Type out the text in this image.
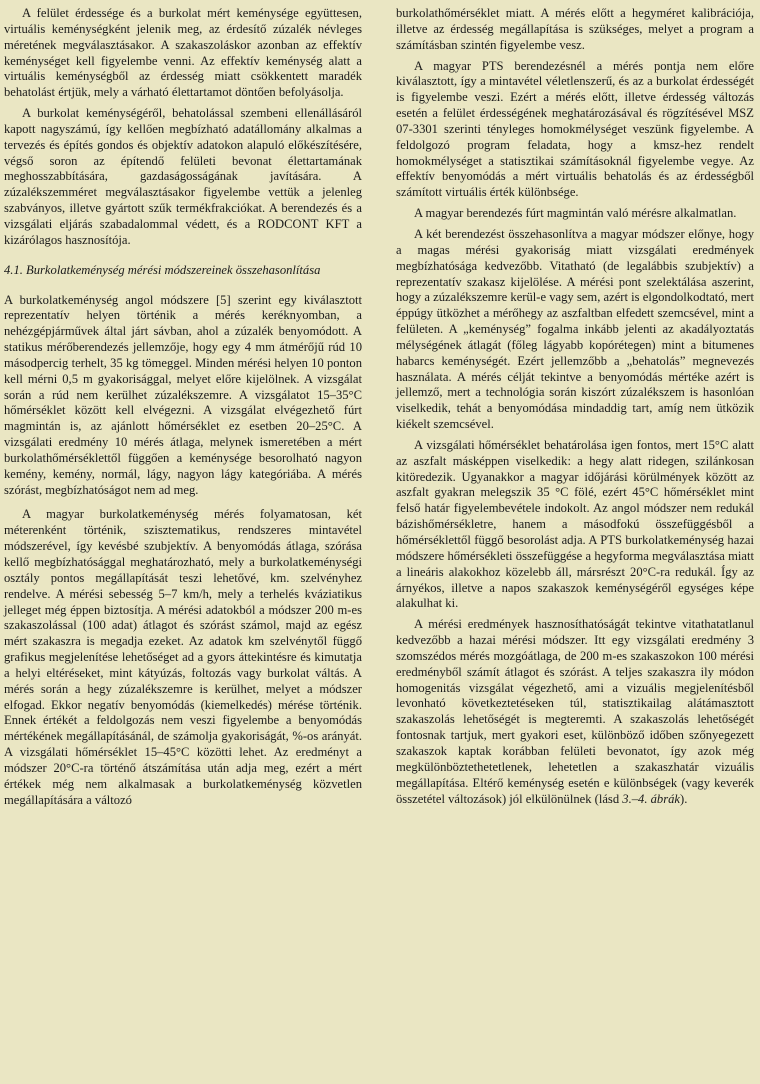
A felület érdessége és a burkolat mért keménysége együttesen, virtuális keménységként jelenik meg, az érdesítő zúzalék névleges méretének megválasztásakor. A szakaszoláskor azonban az effektív keménységet kell figyelembe venni. Az effektív keménység alatt a virtuális keménységből az érdesség miatt csökkentett maradék behatolást értjük, mely a várható élettartamot döntően befolyásolja.

A burkolat keménységéről, behatolással szembeni ellenállásáról kapott nagyszámú, így kellően megbízható adatállomány alkalmas a tervezés és építés gondos és objektív adatokon alapuló előkészítésére, végső soron az építendő felületi bevonat élettartamának meghosszabbítására, gazdaságosságának javítására. A zúzalékszemméret megválasztásakor figyelembe vettük a jelenleg szabványos, illetve gyártott szűk termékfrakciókat. A berendezés és a vizsgálati eljárás szabadalommal védett, és a RODCONT KFT a kizárólagos hasznosítója.

4.1. Burkolatkeménység mérési módszereinek összehasonlítása

A burkolatkeménység angol módszere [5] szerint egy kiválasztott reprezentatív helyen történik a mérés keréknyomban, a nehézgépjárművek által járt sávban, ahol a zúzalék benyomódott. A statikus mérőberendezés jellemzője, hogy egy 4 mm átmérőjű rúd 10 másodpercig terhelt, 35 kg tömeggel. Minden mérési helyen 10 ponton kell mérni 0,5 m gyakorisággal, melyet előre kijelölnek. A vizsgálat során a rúd nem kerülhet zúzalékszemre. A vizsgálatot 15–35°C hőmérséklet között kell elvégezni. A vizsgálat elvégezhető fúrt magmintán is, az ajánlott hőmérséklet ez esetben 20–25°C. A vizsgálati eredmény 10 mérés átlaga, melynek ismeretében a mért burkolathőmérséklettől függően a keménysége besorolható nagyon kemény, kemény, normál, lágy, nagyon lágy kategóriába. A mérés szórást, megbízhatóságot nem ad meg.

A magyar burkolatkeménység mérés folyamatosan, két méterenként történik, szisztematikus, rendszeres mintavétel módszerével, így kevésbé szubjektív. A benyomódás átlaga, szórása kellő megbízhatósággal meghatározható, mely a burkolatkeménységi osztály pontos megállapítását teszi lehetővé, km. szelvényhez rendelve. A mérési sebesség 5–7 km/h, mely a terhelés kváziatikus jelleget még éppen biztosítja. A mérési adatokból a módszer 200 m-es szakaszolással (100 adat) átlagot és szórást számol, majd az egész mért szakaszra is megadja ezeket. Az adatok km szelvénytől függő grafikus megjelenítése lehetőséget ad a gyors áttekintésre és kimutatja a helyi eltéréseket, mint kátyúzás, foltozás vagy burkolat váltás. A mérés során a hegy zúzalékszemre is kerülhet, melyet a módszer elfogad. Ekkor negatív benyomódás (kiemelkedés) mérése történik. Ennek értékét a feldolgozás nem veszi figyelembe a benyomódás mértékének megállapításánál, de számolja gyakoriságát, %-os arányát. A vizsgálati hőmérséklet 15–45°C közötti lehet. Az eredményt a módszer 20°C-ra történő átszámítása után adja meg, ezért a mért értékek még nem alkalmasak a burkolatkeménység közvetlen megállapítására a változó

burkolathőmérséklet miatt. A mérés előtt a hegyméret kalibrációja, illetve az érdesség megállapítása is szükséges, melyet a program a számításban szintén figyelembe vesz.

A magyar PTS berendezésnél a mérés pontja nem előre kiválasztott, így a mintavétel véletlenszerű, és az a burkolat érdességét is figyelembe veszi. Ezért a mérés előtt, illetve érdesség változás esetén a felület érdességének meghatározásával és rögzítésével MSZ 07-3301 szerinti tényleges homokmélységet veszünk figyelembe. A feldolgozó program feladata, hogy a kmsz-hez rendelt homokmélységet a statisztikai számításoknál figyelembe vegye. Az effektív benyomódás a mért virtuális behatolás és az érdességből számított virtuális érték különbsége.

A magyar berendezés fúrt magmintán való mérésre alkalmatlan.

A két berendezést összehasonlítva a magyar módszer előnye, hogy a magas mérési gyakoriság miatt vizsgálati eredmények megbízhatósága kedvezőbb. Vitatható (de legalábbis szubjektív) a reprezentatív szakasz kijelölése. A mérési pont szelektálása aszerint, hogy a zúzalékszemre kerül-e vagy sem, azért is elgondolkodtató, mert éppúgy ütközhet a mérőhegy az aszfaltban elfedett szemcsével, mint a felületen. A „keménység” fogalma inkább jelenti az akadályoztatás mélységének átlagát (főleg lágyabb kopórétegen) mint a bitumenes habarcs keménységét. Ezért jellemzőbb a „behatolás” megnevezés használata. A mérés célját tekintve a benyomódás mértéke azért is jellemző, mert a technológia során kiszórt zúzalékszem is hasonlóan viselkedik, tehát a benyomódása mindaddig tart, amíg nem ütközik kiékelt szemcsével.

A vizsgálati hőmérséklet behatárolása igen fontos, mert 15°C alatt az aszfalt másképpen viselkedik: a hegy alatt ridegen, szilánkosan kitöredezik. Ugyanakkor a magyar időjárási körülmények között az aszfalt gyakran melegszik 35 °C fölé, ezért 45°C hőmérséklet mint felső határ figyelembevétele indokolt. Az angol módszer nem redukál bázishőmérsékletre, hanem a másodfokú összefüggésből a hőmérséklettől függő besorolást adja. A PTS burkolatkeménység hazai módszere hőmérsékleti összefüggése a hegyforma megválasztása miatt a lineáris alakokhoz közelebb áll, mársrészt 20°C-ra redukál. Így az árnyékos, illetve a napos szakaszok keménységéről egységes képe alakulhat ki.

A mérési eredmények hasznosíthatóságát tekintve vitathatatlanul kedvezőbb a hazai mérési módszer. Itt egy vizsgálati eredmény 3 szomszédos mérés mozgóátlaga, de 200 m-es szakaszokon 100 mérési eredményből számít átlagot és szórást. A teljes szakaszra ily módon homogenitás vizsgálat végezhető, ami a vizuális megjelenítésből levonható következtetéseken túl, statisztikailag alátámasztott szakaszolás lehetőségét is megteremti. A szakaszolás lehetőségét fontosnak tartjuk, mert gyakori eset, különböző időben szőnyegezett szakaszok kaptak korábban felületi bevonatot, így azok még megkülönböztethetetlenek, lehetetlen a szakaszhatár vizuális megállapítása. Eltérő keménység esetén e különbségek (vagy keverék összetétel változások) jól elkülönülnek (lásd 3.–4. ábrák).
